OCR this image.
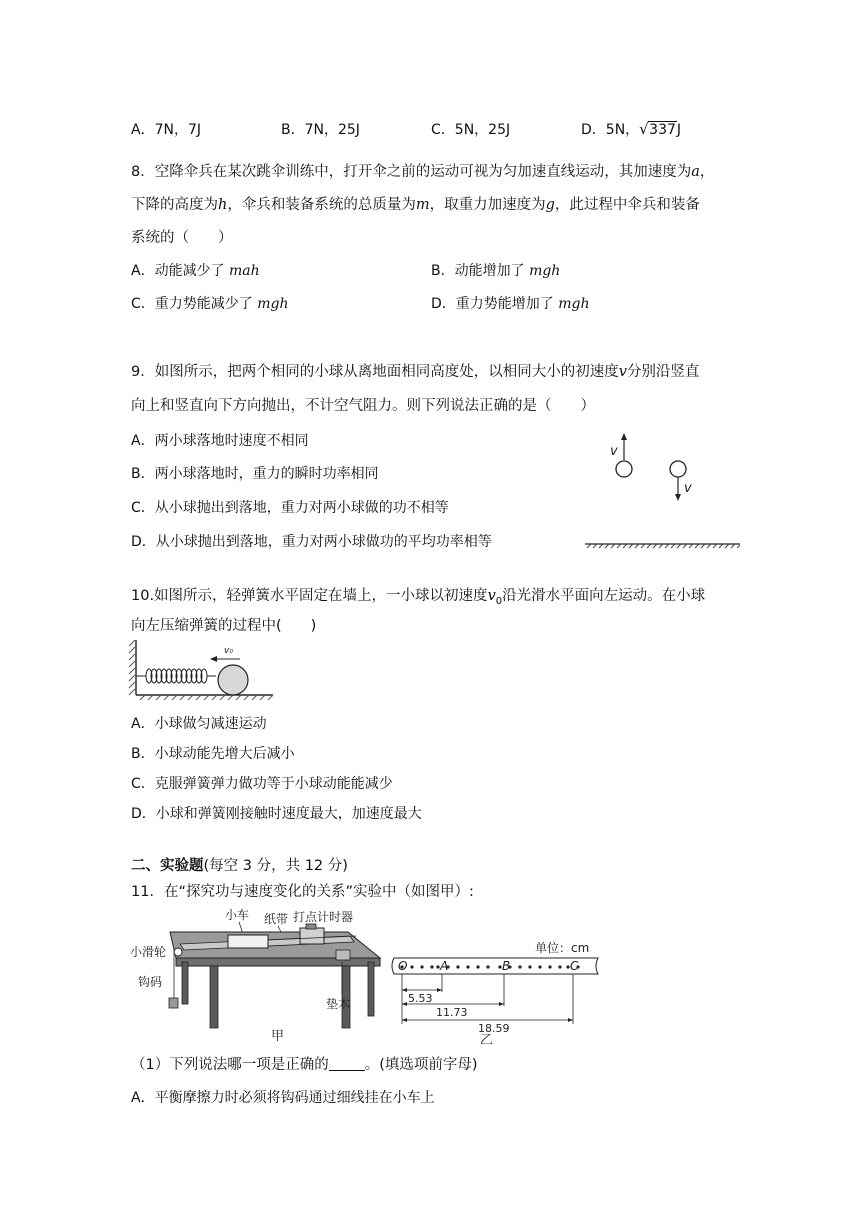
A．7N，7J	B．7N，25J	C．5N，25J	D．5N， √ 337J
8．空降伞兵在某次跳伞训练中，打开伞之前的运动可视为匀加速直线运动，其加速度为a，
下降的高度为h，伞兵和装备系统的总质量为m，取重力加速度为g，此过程中伞兵和装备
系统的（　　）
A．动能减少了 mah	B．动能增加了 mgh
C．重力势能减少了 mgh	D．重力势能增加了 mgh
9．如图所示，把两个相同的小球从离地面相同高度处，以相同大小的初速度v分别沿竖直
向上和竖直向下方向抛出，不计空气阻力。则下列说法正确的是（　　）
A．两小球落地时速度不相同
B．两小球落地时，重力的瞬时功率相同
C．从小球抛出到落地，重力对两小球做的功不相等
D．从小球抛出到落地，重力对两小球做功的平均功率相等
v
v
10.如图所示，轻弹簧水平固定在墙上，一小球以初速度$v_0$沿光滑水平面向左运动。在小球
向左压缩弹簧的过程中(　　)
v₀
A．小球做匀减速运动
B．小球动能先增大后减小
C．克服弹簧弹力做功等于小球动能能减少
D．小球和弹簧刚接触时速度最大，加速度最大
二、实验题(每空 3 分，共 12 分)
11．在“探究功与速度变化的关系”实验中（如图甲）:
小车 纸带 打点计时器
小滑轮
钩码
垫木
甲
单位：cm
O	A	B	C
5.53
11.73
18.59
乙
（1）下列说法哪一项是正确的 。(填选项前字母)
A．平衡摩擦力时必须将钩码通过细线挂在小车上
